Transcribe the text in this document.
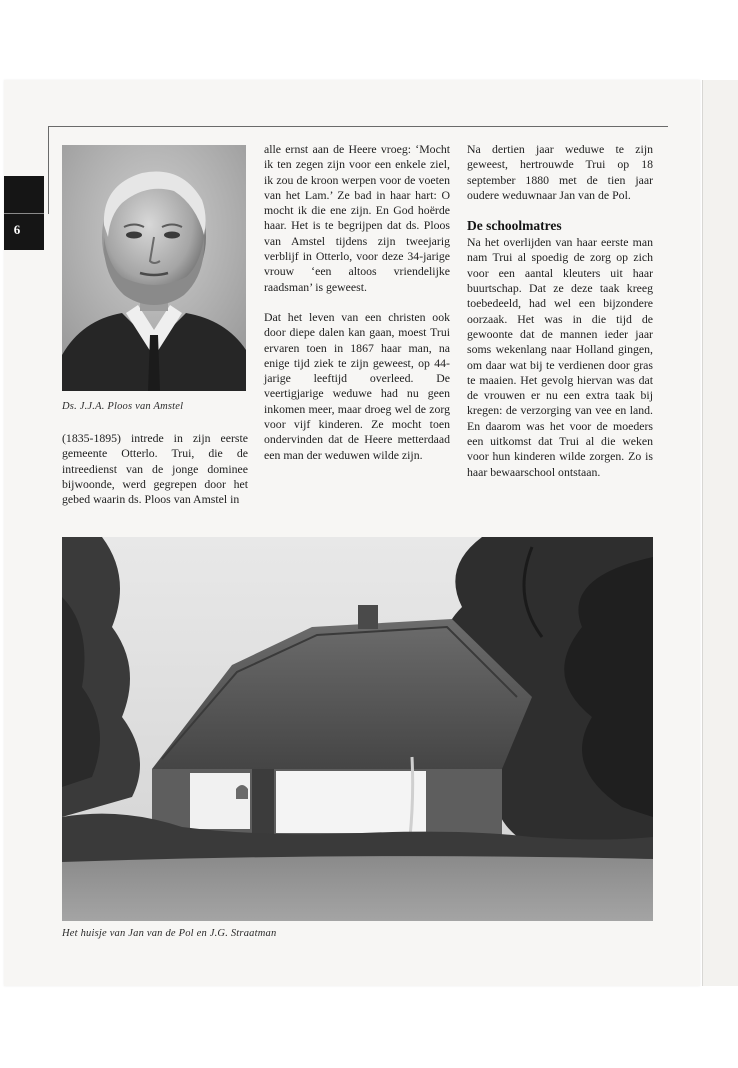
6
Ds. J.J.A. Ploos van Amstel

(1835-1895) intrede in zijn eerste gemeente Otterlo. Trui, die de intreedienst van de jonge dominee bijwoonde, werd gegrepen door het gebed waarin ds. Ploos van Amstel in

alle ernst aan de Heere vroeg: ‘Mocht ik ten zegen zijn voor een enkele ziel, ik zou de kroon werpen voor de voeten van het Lam.’ Ze bad in haar hart: O mocht ik die ene zijn. En God hoërde haar. Het is te begrijpen dat ds. Ploos van Amstel tijdens zijn tweejarig verblijf in Otterlo, voor deze 34-jarige vrouw ‘een altoos vriendelijke raadsman’ is geweest.

Dat het leven van een christen ook door diepe dalen kan gaan, moest Trui ervaren toen in 1867 haar man, na enige tijd ziek te zijn geweest, op 44-jarige leeftijd overleed. De veertigjarige weduwe had nu geen inkomen meer, maar droeg wel de zorg voor vijf kinderen. Ze mocht toen ondervinden dat de Heere metterdaad een man der weduwen wilde zijn.

Na dertien jaar weduwe te zijn geweest, hertrouwde Trui op 18 september 1880 met de tien jaar oudere weduwnaar Jan van de Pol.

De schoolmatres

Na het overlijden van haar eerste man nam Trui al spoedig de zorg op zich voor een aantal kleuters uit haar buurtschap. Dat ze deze taak kreeg toebedeeld, had wel een bijzondere oorzaak. Het was in die tijd de gewoonte dat de mannen ieder jaar soms wekenlang naar Holland gingen, om daar wat bij te verdienen door gras te maaien. Het gevolg hiervan was dat de vrouwen er nu een extra taak bij kregen: de verzorging van vee en land. En daarom was het voor de moeders een uitkomst dat Trui al die weken voor hun kinderen wilde zorgen. Zo is haar bewaarschool ontstaan.

Het huisje van Jan van de Pol en J.G. Straatman
